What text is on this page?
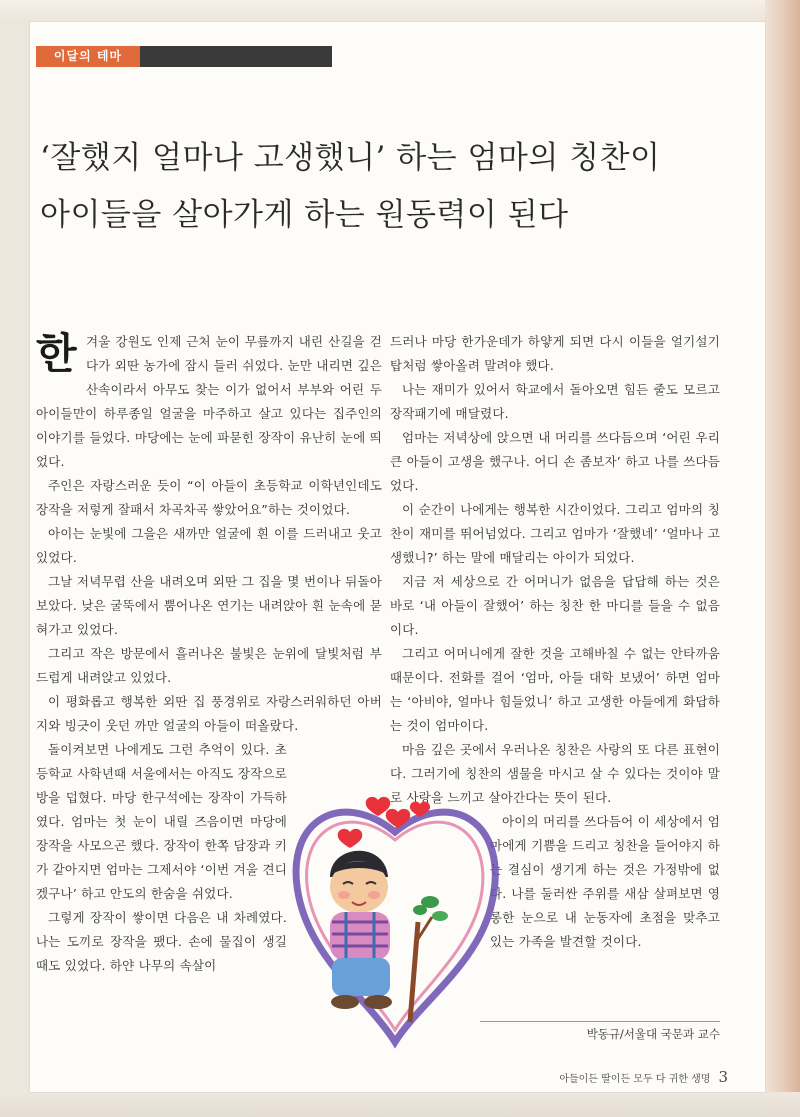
이달의 테마
‘잘했지 얼마나 고생했니’ 하는 엄마의 칭찬이
아이들을 살아가게 하는 원동력이 된다

한겨울 강원도 인제 근처 눈이 무릎까지 내린 산길을 걷다가 외딴 농가에 잠시 들러 쉬었다. 눈만 내리면 깊은 산속이라서 아무도 찾는 이가 없어서 부부와 어린 두 아이들만이 하루종일 얼굴을 마주하고 살고 있다는 집주인의 이야기를 들었다. 마당에는 눈에 파묻힌 장작이 유난히 눈에 띄었다.

주인은 자랑스러운 듯이 “이 아들이 초등학교 이학년인데도 장작을 저렇게 잘패서 차곡차곡 쌓았어요”하는 것이었다.

아이는 눈빛에 그을은 새까만 얼굴에 흰 이를 드러내고 웃고 있었다.

그날 저녁무렵 산을 내려오며 외딴 그 집을 몇 번이나 뒤돌아 보았다. 낮은 굴뚝에서 뿜어나온 연기는 내려앉아 흰 눈속에 묻혀가고 있었다.

그리고 작은 방문에서 흘러나온 불빛은 눈위에 달빛처럼 부드럽게 내려앉고 있었다.

이 평화롭고 행복한 외딴 집 풍경위로 자랑스러워하던 아버지와 빙긋이 웃던 까만 얼굴의 아들이 떠올랐다.

돌이켜보면 나에게도 그런 추억이 있다. 초등학교 사학년때 서울에서는 아직도 장작으로 방을 덥혔다. 마당 한구석에는 장작이 가득하였다. 엄마는 첫 눈이 내릴 즈음이면 마당에 장작을 사모으곤 했다. 장작이 한쪽 담장과 키가 같아지면 엄마는 그제서야 ‘이번 겨울 견디겠구나’ 하고 안도의 한숨을 쉬었다.

그렇게 장작이 쌓이면 다음은 내 차례였다. 나는 도끼로 장작을 팼다. 손에 물집이 생길 때도 있었다. 하얀 나무의 속살이

드러나 마당 한가운데가 하얗게 되면 다시 이들을 얼기설기 탑처럼 쌓아올려 말려야 했다.

나는 재미가 있어서 학교에서 돌아오면 힘든 줄도 모르고 장작패기에 매달렸다.

엄마는 저녁상에 앉으면 내 머리를 쓰다듬으며 ‘어린 우리 큰 아들이 고생을 했구나. 어디 손 좀보자’ 하고 나를 쓰다듬었다.

이 순간이 나에게는 행복한 시간이었다. 그리고 엄마의 칭찬이 재미를 뛰어넘었다. 그리고 엄마가 ‘잘했네’ ‘얼마나 고생했니?’ 하는 말에 매달리는 아이가 되었다.

지금 저 세상으로 간 어머니가 없음을 답답해 하는 것은 바로 ‘내 아들이 잘했어’ 하는 칭찬 한 마디를 들을 수 없음이다.

그리고 어머니에게 잘한 것을 고해바칠 수 없는 안타까움 때문이다. 전화를 걸어 ‘엄마, 아들 대학 보냈어’ 하면 엄마는 ‘아비야, 얼마나 힘들었니’ 하고 고생한 아들에게 화답하는 것이 엄마이다.

마음 깊은 곳에서 우러나온 칭찬은 사랑의 또 다른 표현이다. 그러기에 칭찬의 샘물을 마시고 살 수 있다는 것이야 말로 사랑을 느끼고 살아간다는 뜻이 된다.

아이의 머리를 쓰다듬어 이 세상에서 엄마에게 기쁨을 드리고 칭찬을 들어야지 하는 결심이 생기게 하는 것은 가정밖에 없다. 나를 둘러싼 주위를 새삼 살펴보면 영롱한 눈으로 내 눈동자에 초점을 맞추고 있는 가족을 발견할 것이다.

박동규/서울대 국문과 교수
아들이든 딸이든 모두 다 귀한 생명 3
